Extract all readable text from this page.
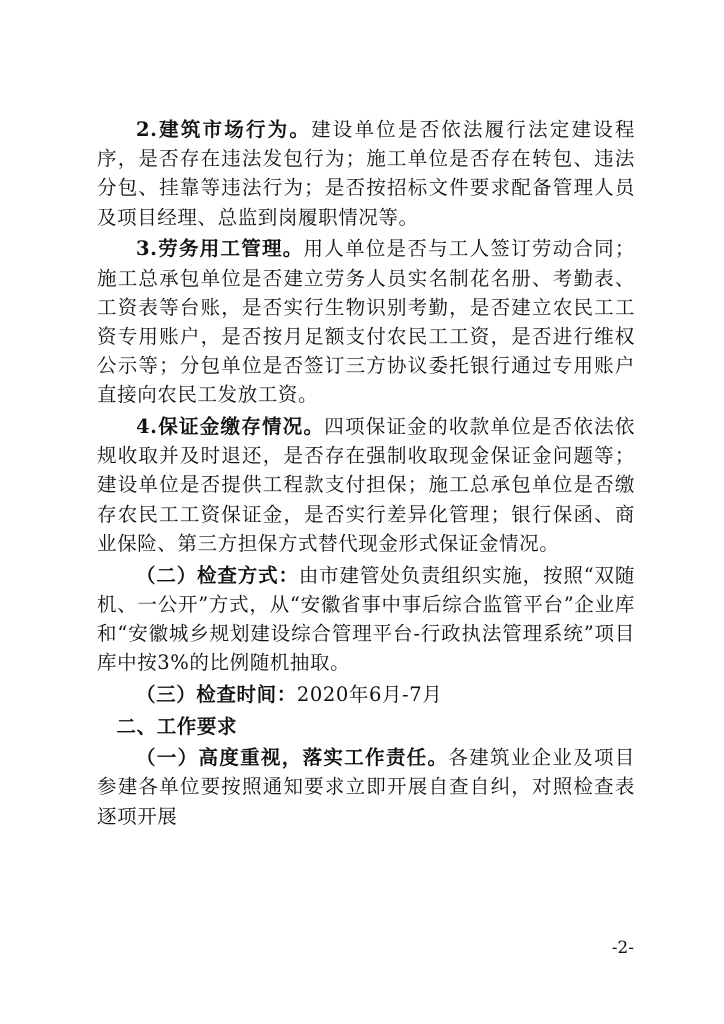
2.建筑市场行为。建设单位是否依法履行法定建设程序，是否存在违法发包行为；施工单位是否存在转包、违法分包、挂靠等违法行为；是否按招标文件要求配备管理人员及项目经理、总监到岗履职情况等。

3.劳务用工管理。用人单位是否与工人签订劳动合同；施工总承包单位是否建立劳务人员实名制花名册、考勤表、工资表等台账，是否实行生物识别考勤，是否建立农民工工资专用账户，是否按月足额支付农民工工资，是否进行维权公示等；分包单位是否签订三方协议委托银行通过专用账户直接向农民工发放工资。

4.保证金缴存情况。四项保证金的收款单位是否依法依规收取并及时退还，是否存在强制收取现金保证金问题等；建设单位是否提供工程款支付担保；施工总承包单位是否缴存农民工工资保证金，是否实行差异化管理；银行保函、商业保险、第三方担保方式替代现金形式保证金情况。

（二）检查方式：由市建管处负责组织实施，按照“双随机、一公开”方式，从“安徽省事中事后综合监管平台”企业库和“安徽城乡规划建设综合管理平台-行政执法管理系统”项目库中按3%的比例随机抽取。

（三）检查时间：2020年6月-7月

二、工作要求

（一）高度重视，落实工作责任。各建筑业企业及项目参建各单位要按照通知要求立即开展自查自纠，对照检查表逐项开展

-2-
